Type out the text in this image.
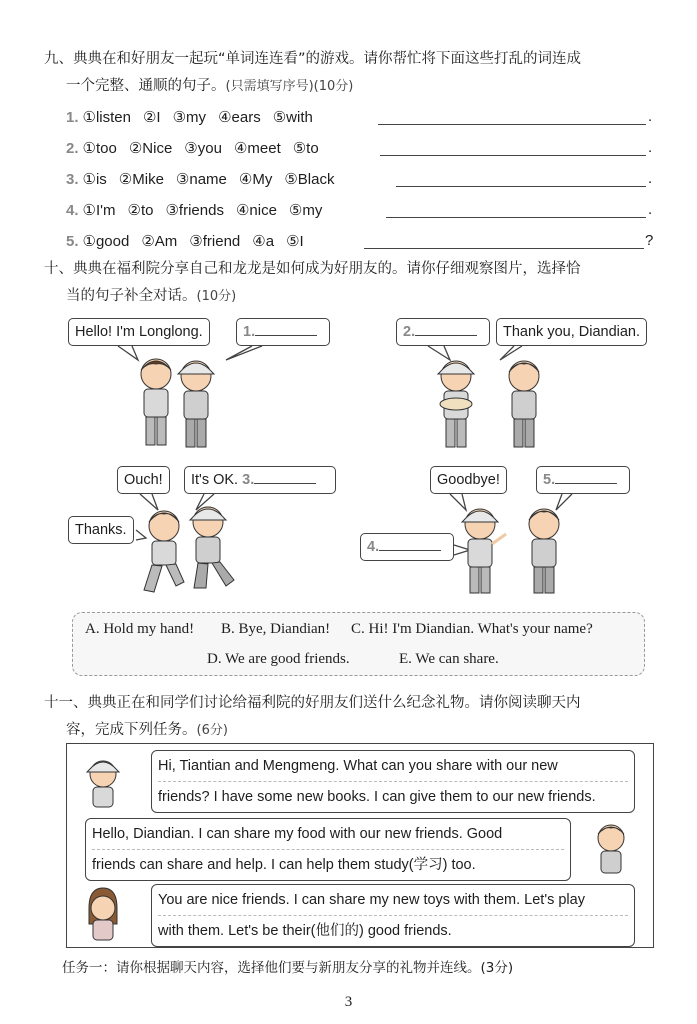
九、典典在和好朋友一起玩“单词连连看”的游戏。请你帮忙将下面这些打乱的词连成
一个完整、通顺的句子。(只需填写序号)(10分)
1. ①listen ②I ③my ④ears ⑤with	.
2. ①too ②Nice ③you ④meet ⑤to	.
3. ①is ②Mike ③name ④My ⑤Black	.
4. ①I'm ②to ③friends ④nice ⑤my	.
5. ①good ②Am ③friend ④a ⑤I	?
十、典典在福利院分享自己和龙龙是如何成为好朋友的。请你仔细观察图片，选择恰
当的句子补全对话。(10分)
Hello! I'm Longlong.	1.	2.	Thank you, Diandian.
Ouch!	It's OK. 3.
Thanks.
4.
Goodbye!	5.
A. Hold my hand! B. Bye, Diandian! C. Hi! I'm Diandian. What's your name?
D. We are good friends.	E. We can share.
十一、典典正在和同学们讨论给福利院的好朋友们送什么纪念礼物。请你阅读聊天内
容，完成下列任务。(6分)
Hi, Tiantian and Mengmeng. What can you share with our new
friends? I have some new books. I can give them to our new friends.
Hello, Diandian. I can share my food with our new friends. Good
friends can share and help. I can help them study(学习) too.
You are nice friends. I can share my new toys with them. Let's play
with them. Let's be their(他们的) good friends.
任务一：请你根据聊天内容，选择他们要与新朋友分享的礼物并连线。(3分)
3
